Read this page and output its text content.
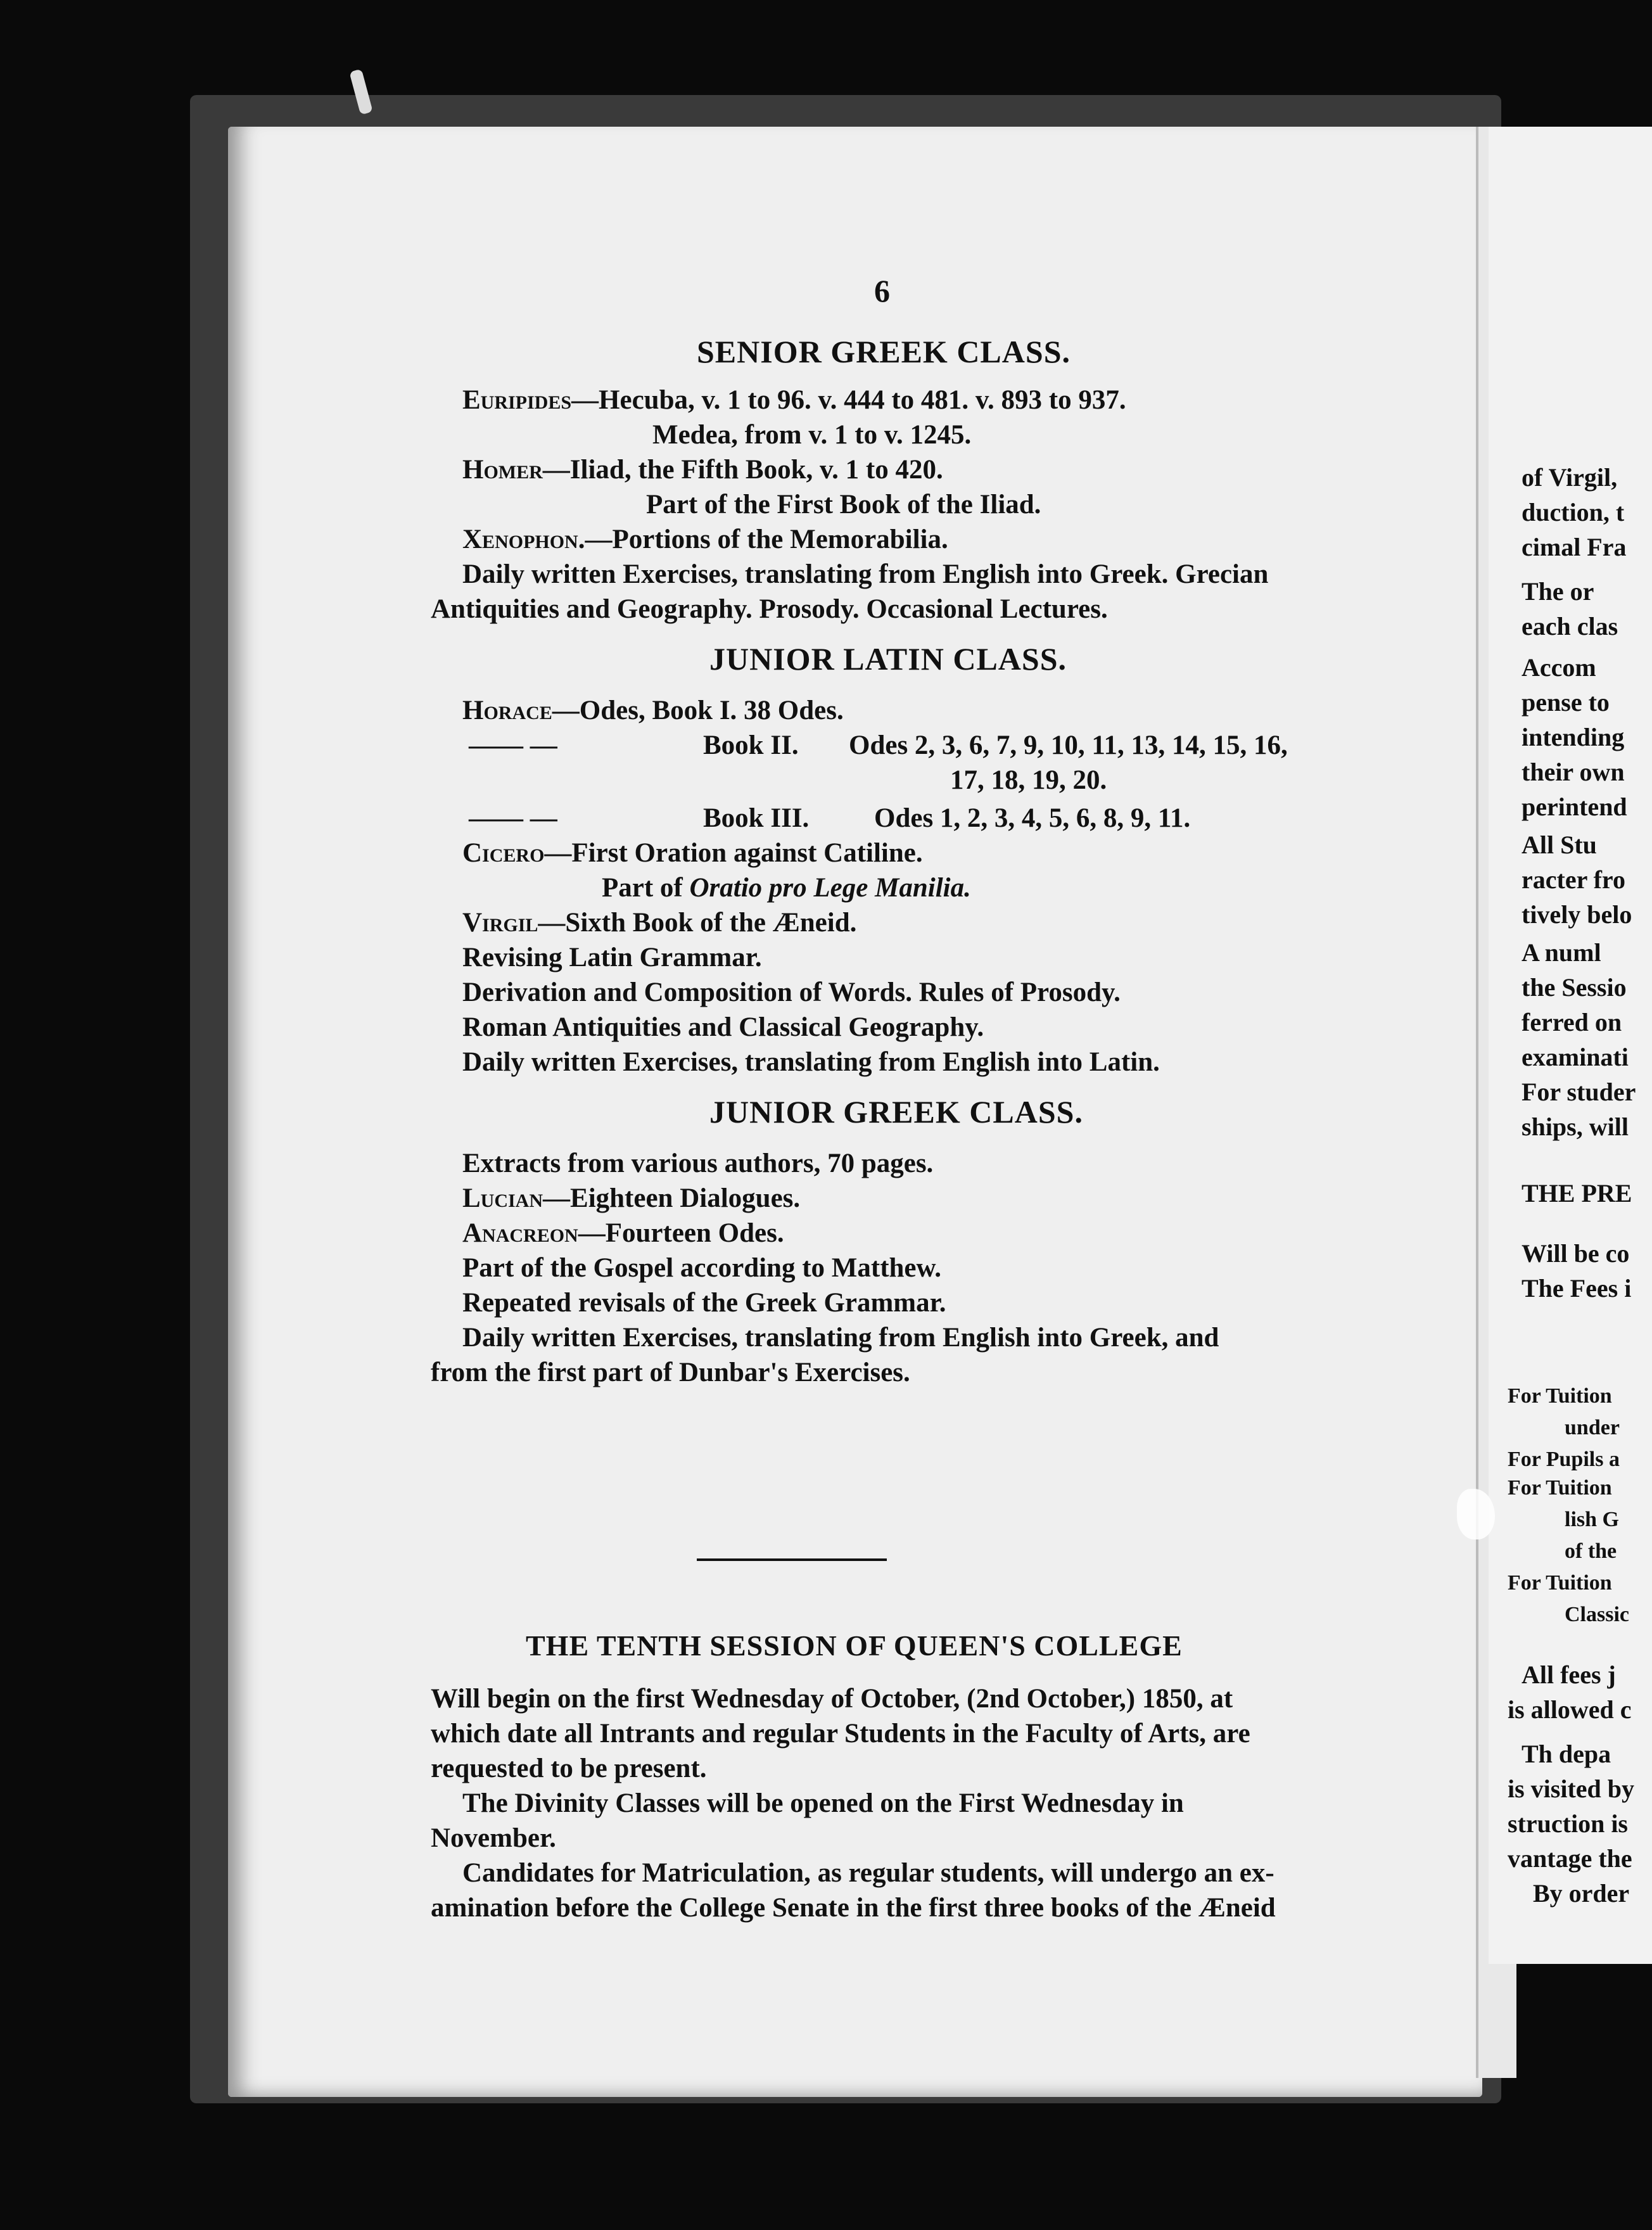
of Virgil,
duction, t
cimal Fra
The or
each clas
Accom
pense to
intending
their own
perintend
All Stu
racter fro
tively belo
A numl
the Sessio
ferred on
examinati
For studer
ships, will
THE PRE
Will be co
The Fees i
For Tuition
under
For Pupils a
For Tuition
lish G
of the
For Tuition
Classic
All fees j
is allowed c
Th depa
is visited by
struction is
vantage the
By order
6
SENIOR GREEK CLASS.
Euripides—Hecuba, v. 1 to 96. v. 444 to 481. v. 893 to 937.
Medea, from v. 1 to v. 1245.
Homer—Iliad, the Fifth Book, v. 1 to 420.
Part of the First Book of the Iliad.
Xenophon.—Portions of the Memorabilia.
Daily written Exercises, translating from English into Greek. Grecian
Antiquities and Geography. Prosody. Occasional Lectures.
JUNIOR LATIN CLASS.
Horace—Odes, Book I. 38 Odes.
—— —	Book II. Odes 2, 3, 6, 7, 9, 10, 11, 13, 14, 15, 16,
17, 18, 19, 20.
—— —	Book III. Odes 1, 2, 3, 4, 5, 6, 8, 9, 11.
Cicero—First Oration against Catiline.
Part of Oratio pro Lege Manilia.
Virgil—Sixth Book of the Æneid.
Revising Latin Grammar.
Derivation and Composition of Words. Rules of Prosody.
Roman Antiquities and Classical Geography.
Daily written Exercises, translating from English into Latin.
JUNIOR GREEK CLASS.
Extracts from various authors, 70 pages.
Lucian—Eighteen Dialogues.
Anacreon—Fourteen Odes.
Part of the Gospel according to Matthew.
Repeated revisals of the Greek Grammar.
Daily written Exercises, translating from English into Greek, and
from the first part of Dunbar's Exercises.
THE TENTH SESSION OF QUEEN'S COLLEGE
Will begin on the first Wednesday of October, (2nd October,) 1850, at
which date all Intrants and regular Students in the Faculty of Arts, are
requested to be present.
The Divinity Classes will be opened on the First Wednesday in
November.
Candidates for Matriculation, as regular students, will undergo an ex-
amination before the College Senate in the first three books of the Æneid
